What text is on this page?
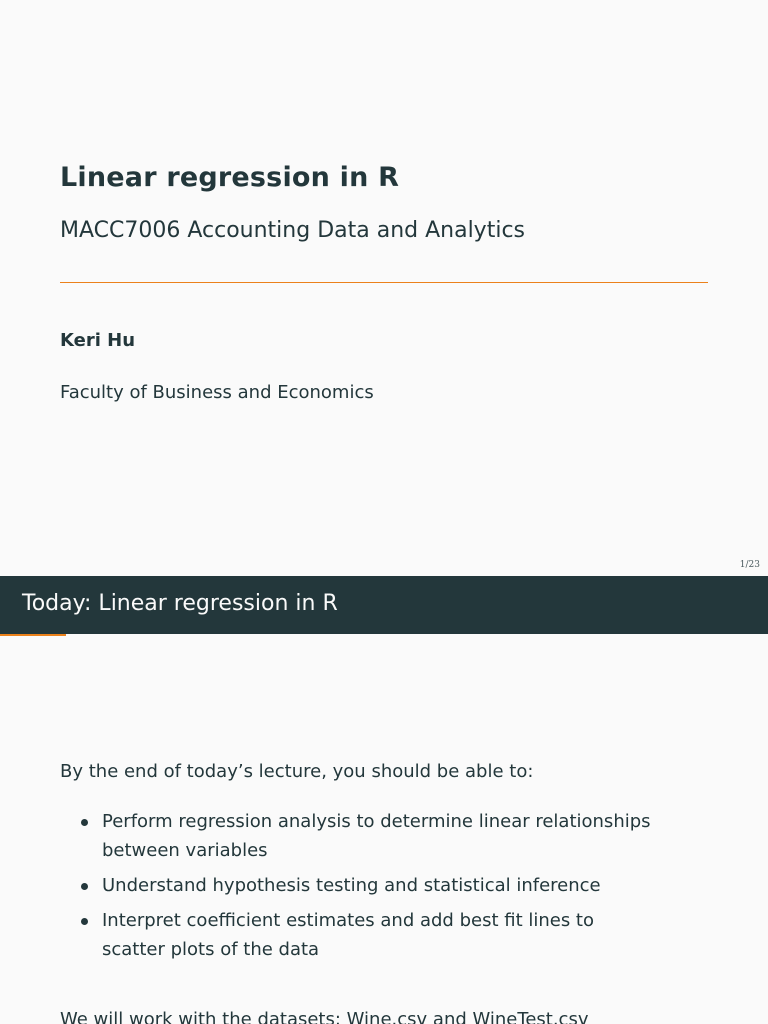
Linear regression in R
MACC7006 Accounting Data and Analytics
Keri Hu
Faculty of Business and Economics
1/23
Today: Linear regression in R
By the end of today’s lecture, you should be able to:
Perform regression analysis to determine linear relationships between variables
Understand hypothesis testing and statistical inference
Interpret coefficient estimates and add best fit lines to scatter plots of the data
We will work with the datasets: Wine.csv and WineTest.csv
